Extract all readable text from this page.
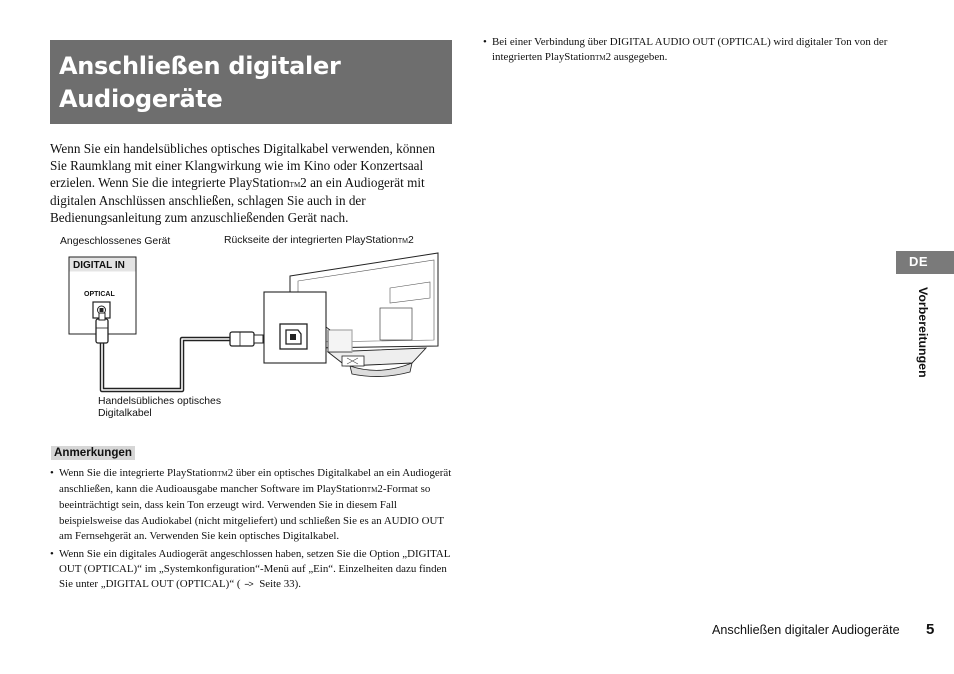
Anschließen digitaler
Audiogeräte

Wenn Sie ein handelsübliches optisches Digitalkabel verwenden, können Sie Raumklang mit einer Klangwirkung wie im Kino oder Konzertsaal erzielen. Wenn Sie die integrierte PlayStationTM2 an ein Audiogerät mit digitalen Anschlüssen anschließen, schlagen Sie auch in der Bedienungsanleitung zum anzuschließenden Gerät nach.

Angeschlossenes Gerät	Rückseite der integrierten PlayStationTM2
DIGITAL IN
OPTICAL
Handelsübliches optisches
Digitalkabel
Anmerkungen
• Wenn Sie die integrierte PlayStationTM2 über ein optisches Digitalkabel an ein Audiogerät anschließen, kann die Audioausgabe mancher Software im PlayStationTM2-Format so beeinträchtigt sein, dass kein Ton erzeugt wird. Verwenden Sie in diesem Fall beispielsweise das Audiokabel (nicht mitgeliefert) und schließen Sie es an AUDIO OUT am Fernsehgerät an. Verwenden Sie kein optisches Digitalkabel.
• Wenn Sie ein digitales Audiogerät angeschlossen haben, setzen Sie die Option „DIGITAL OUT (OPTICAL)“ im „Systemkonfiguration“-Menü auf „Ein“. Einzelheiten dazu finden Sie unter „DIGITAL OUT (OPTICAL)“ ( --> Seite 33).
• Bei einer Verbindung über DIGITAL AUDIO OUT (OPTICAL) wird digitaler Ton von der integrierten PlayStationTM2 ausgegeben.
DE
Vorbereitungen
Anschließen digitaler Audiogeräte 5
